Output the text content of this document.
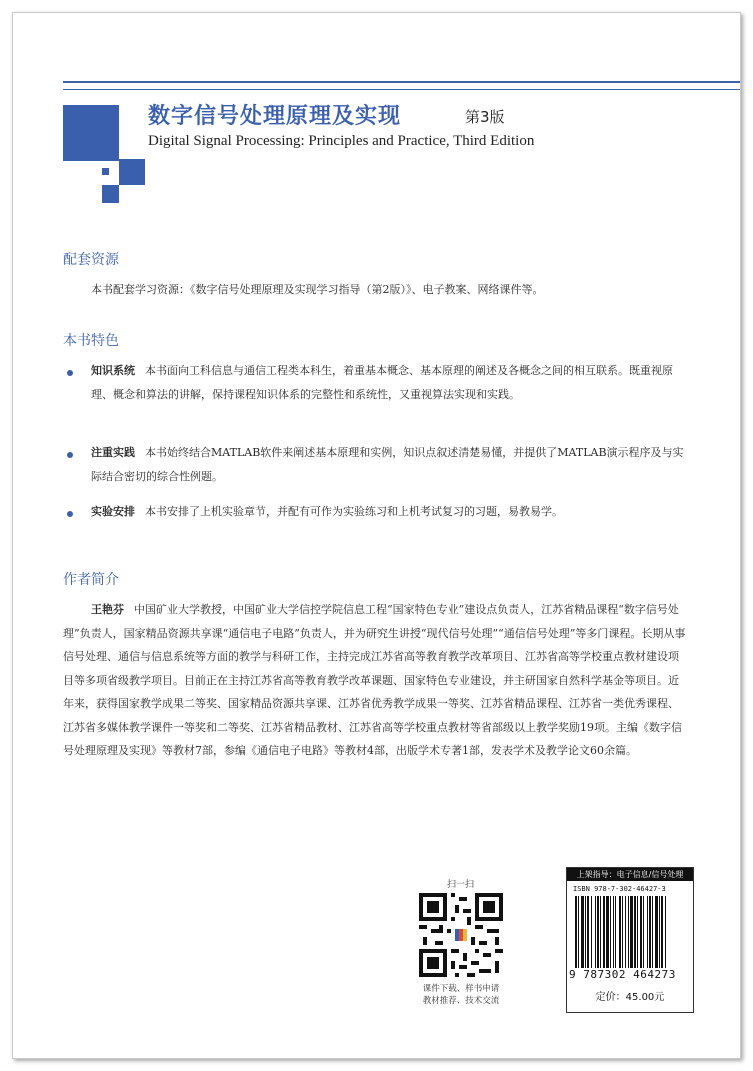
数字信号处理原理及实现	第3版
Digital Signal Processing: Principles and Practice, Third Edition
配套资源

本书配套学习资源：《数字信号处理原理及实现学习指导（第2版）》、电子教案、网络课件等。

本书特色

知识系统 本书面向工科信息与通信工程类本科生，着重基本概念、基本原理的阐述及各概念之间的相互联系。既重视原理、概念和算法的讲解，保持课程知识体系的完整性和系统性，又重视算法实现和实践。

注重实践 本书始终结合MATLAB软件来阐述基本原理和实例，知识点叙述清楚易懂，并提供了MATLAB演示程序及与实际结合密切的综合性例题。

实验安排 本书安排了上机实验章节，并配有可作为实验练习和上机考试复习的习题，易教易学。

作者简介

王艳芬 中国矿业大学教授，中国矿业大学信控学院信息工程“国家特色专业”建设点负责人，江苏省精品课程“数字信号处理”负责人，国家精品资源共享课“通信电子电路”负责人，并为研究生讲授“现代信号处理”“通信信号处理”等多门课程。长期从事信号处理、通信与信息系统等方面的教学与科研工作，主持完成江苏省高等教育教学改革项目、江苏省高等学校重点教材建设项目等多项省级教学项目。目前正在主持江苏省高等教育教学改革课题、国家特色专业建设，并主研国家自然科学基金等项目。近年来，获得国家教学成果二等奖、国家精品资源共享课、江苏省优秀教学成果一等奖、江苏省精品课程、江苏省一类优秀课程、江苏省多媒体教学课件一等奖和二等奖、江苏省精品教材、江苏省高等学校重点教材等省部级以上教学奖励19项。主编《数字信号处理原理及实现》等教材7部，参编《通信电子电路》等教材4部，出版学术专著1部，发表学术及教学论文60余篇。

扫一扫
课件下载、样书申请
教材推荐、技术交流
上架指导：电子信息/信号处理
ISBN 978-7-302-46427-3
9 787302 464273
定价：45.00元
